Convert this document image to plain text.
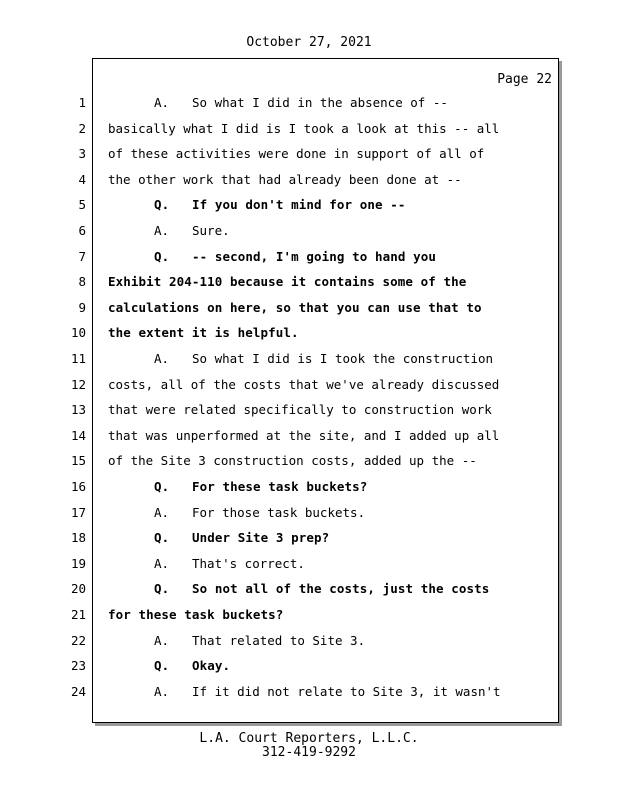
October 27, 2021
Page 22
1	A. So what I did in the absence of --
2 basically what I did is I took a look at this -- all
3 of these activities were done in support of all of
4 the other work that had already been done at --
5	Q. If you don't mind for one --
6	A. Sure.
7	Q. -- second, I'm going to hand you
8 Exhibit 204-110 because it contains some of the
9 calculations on here, so that you can use that to
10 the extent it is helpful.
11	A. So what I did is I took the construction
12 costs, all of the costs that we've already discussed
13 that were related specifically to construction work
14 that was unperformed at the site, and I added up all
15 of the Site 3 construction costs, added up the --
16	Q. For these task buckets?
17	A. For those task buckets.
18	Q. Under Site 3 prep?
19	A. That's correct.
20	Q. So not all of the costs, just the costs
21 for these task buckets?
22	A. That related to Site 3.
23	Q. Okay.
24	A. If it did not relate to Site 3, it wasn't
L.A. Court Reporters, L.L.C.
312-419-9292
